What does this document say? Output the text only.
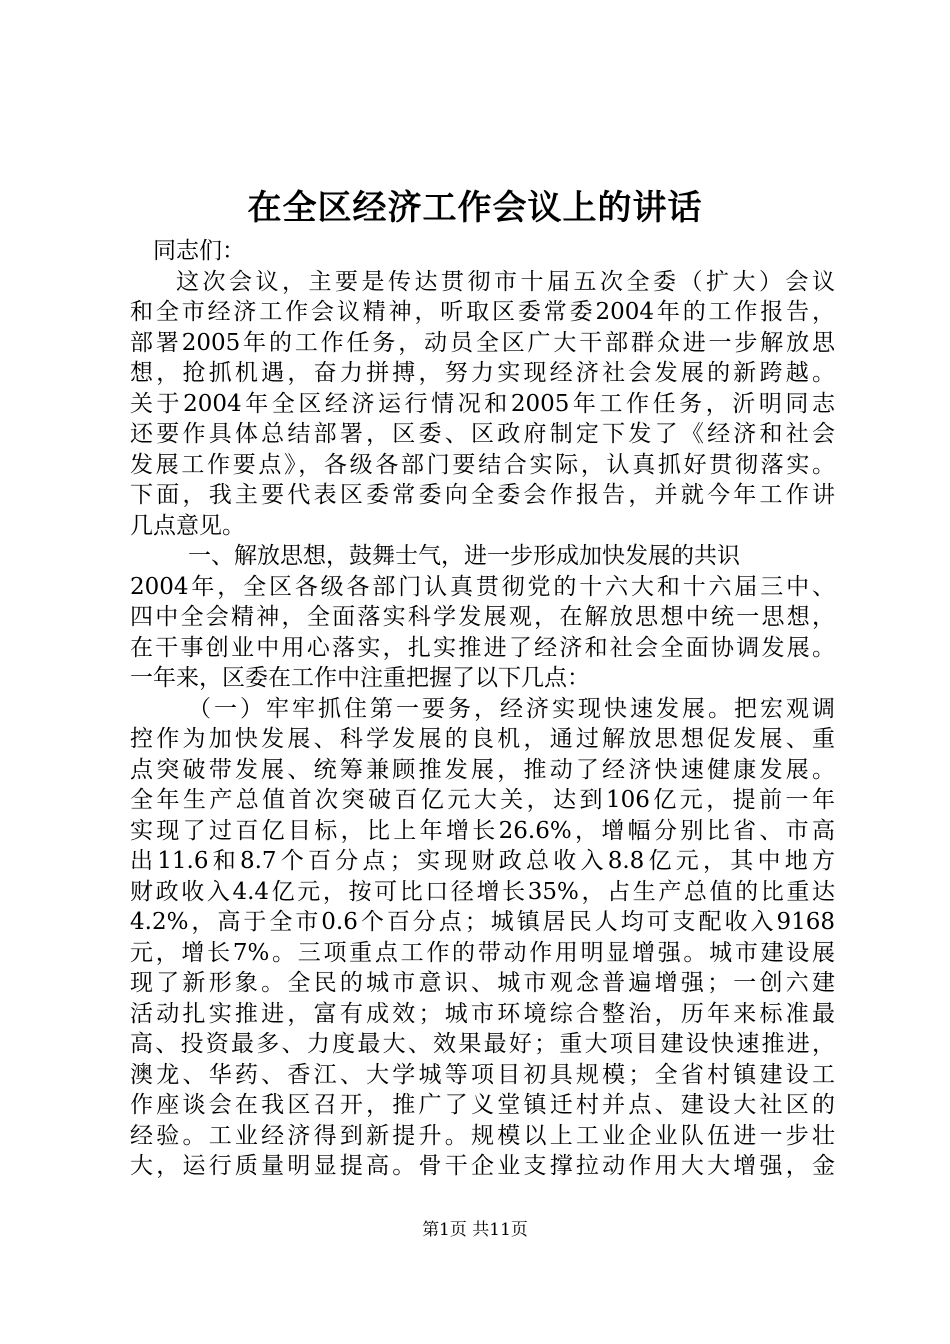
在全区经济工作会议上的讲话
同志们：
这次会议，主要是传达贯彻市十届五次全委（扩大）会议
和全市经济工作会议精神，听取区委常委2004年的工作报告，
部署2005年的工作任务，动员全区广大干部群众进一步解放思
想，抢抓机遇，奋力拼搏，努力实现经济社会发展的新跨越。
关于2004年全区经济运行情况和2005年工作任务，沂明同志
还要作具体总结部署，区委、区政府制定下发了《经济和社会
发展工作要点》，各级各部门要结合实际，认真抓好贯彻落实。
下面，我主要代表区委常委向全委会作报告，并就今年工作讲
几点意见。
一、解放思想，鼓舞士气，进一步形成加快发展的共识
2004年，全区各级各部门认真贯彻党的十六大和十六届三中、
四中全会精神，全面落实科学发展观，在解放思想中统一思想，
在干事创业中用心落实，扎实推进了经济和社会全面协调发展。
一年来，区委在工作中注重把握了以下几点：
（一）牢牢抓住第一要务，经济实现快速发展。把宏观调
控作为加快发展、科学发展的良机，通过解放思想促发展、重
点突破带发展、统筹兼顾推发展，推动了经济快速健康发展。
全年生产总值首次突破百亿元大关，达到106亿元，提前一年
实现了过百亿目标，比上年增长26.6%，增幅分别比省、市高
出11.6和8.7个百分点；实现财政总收入8.8亿元，其中地方
财政收入4.4亿元，按可比口径增长35%，占生产总值的比重达
4.2%，高于全市0.6个百分点；城镇居民人均可支配收入9168
元，增长7%。三项重点工作的带动作用明显增强。城市建设展
现了新形象。全民的城市意识、城市观念普遍增强；一创六建
活动扎实推进，富有成效；城市环境综合整治，历年来标准最
高、投资最多、力度最大、效果最好；重大项目建设快速推进，
澳龙、华药、香江、大学城等项目初具规模；全省村镇建设工
作座谈会在我区召开，推广了义堂镇迁村并点、建设大社区的
经验。工业经济得到新提升。规模以上工业企业队伍进一步壮
大，运行质量明显提高。骨干企业支撑拉动作用大大增强，金
第1页 共11页
